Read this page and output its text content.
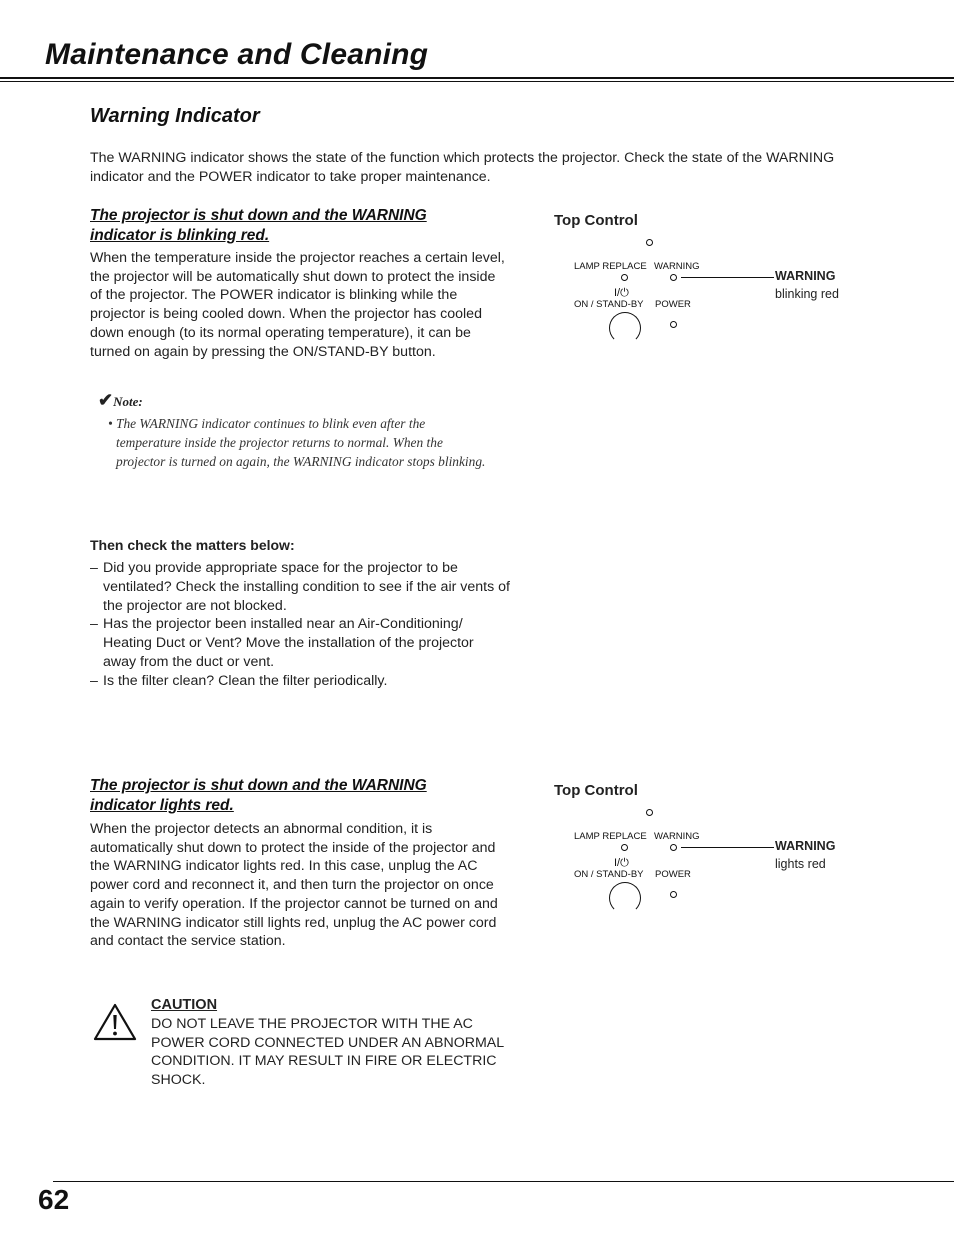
Maintenance and Cleaning
Warning Indicator
The WARNING indicator shows the state of the function which protects the projector. Check the state of the WARNING indicator and the POWER indicator to take proper maintenance.
The projector is shut down and the WARNING
indicator is blinking red.
When the temperature inside the projector reaches a certain level, the projector will be automatically shut down to protect the inside of the projector. The POWER indicator is blinking while the projector is being cooled down. When the projector has cooled down enough (to its normal operating temperature), it can be turned on again by pressing the ON/STAND-BY button.
✔Note:
• The WARNING indicator continues to blink even after the temperature inside the projector returns to normal. When the projector is turned on again, the WARNING indicator stops blinking.
Then check the matters below:
– Did you provide appropriate space for the projector to be ventilated? Check the installing condition to see if the air vents of the projector are not blocked.
– Has the projector been installed near an Air-Conditioning/ Heating Duct or Vent? Move the installation of the projector away from the duct or vent.
– Is the filter clean? Clean the filter periodically.
Top Control
LAMP REPLACE WARNING
I/⏻
ON / STAND-BY POWER
WARNING
blinking red
The projector is shut down and the WARNING
indicator lights red.
When the projector detects an abnormal condition, it is automatically shut down to protect the inside of the projector and the WARNING indicator lights red. In this case, unplug the AC power cord and reconnect it, and then turn the projector on once again to verify operation. If the projector cannot be turned on and the WARNING indicator still lights red, unplug the AC power cord and contact the service station.
Top Control
LAMP REPLACE WARNING
I/⏻
ON / STAND-BY POWER
WARNING
lights red
CAUTION
DO NOT LEAVE THE PROJECTOR WITH THE AC POWER CORD CONNECTED UNDER AN ABNORMAL CONDITION. IT MAY RESULT IN FIRE OR ELECTRIC SHOCK.
62
